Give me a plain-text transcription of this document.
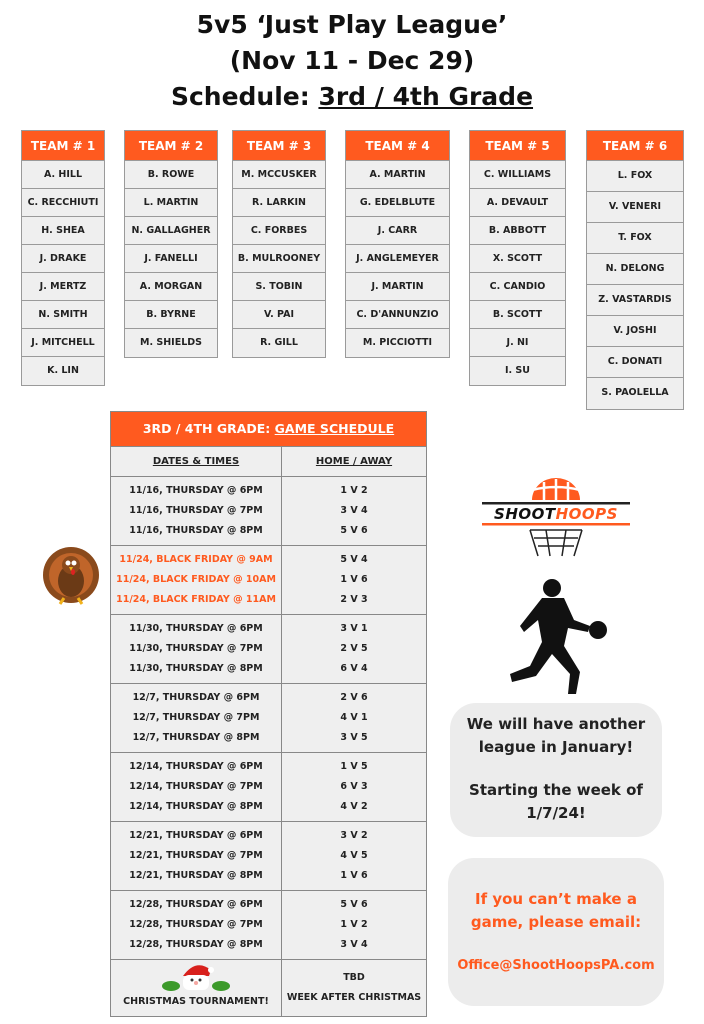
5v5 ‘Just Play League’
(Nov 11 - Dec 29)
Schedule: 3rd / 4th Grade
TEAM # 1
A. HILL
C. RECCHIUTI
H. SHEA
J. DRAKE
J. MERTZ
N. SMITH
J. MITCHELL
K. LIN
TEAM # 2
B. ROWE
L. MARTIN
N. GALLAGHER
J. FANELLI
A. MORGAN
B. BYRNE
M. SHIELDS
TEAM # 3
M. MCCUSKER
R. LARKIN
C. FORBES
B. MULROONEY
S. TOBIN
V. PAI
R. GILL
TEAM # 4
A. MARTIN
G. EDELBLUTE
J. CARR
J. ANGLEMEYER
J. MARTIN
C. D'ANNUNZIO
M. PICCIOTTI
TEAM # 5
C. WILLIAMS
A. DEVAULT
B. ABBOTT
X. SCOTT
C. CANDIO
B. SCOTT
J. NI
I. SU
TEAM # 6
L. FOX
V. VENERI
T. FOX
N. DELONG
Z. VASTARDIS
V. JOSHI
C. DONATI
S. PAOLELLA
3RD / 4TH GRADE: GAME SCHEDULE
DATES & TIMES	HOME / AWAY
11/16, THURSDAY @ 6PM
11/16, THURSDAY @ 7PM
11/16, THURSDAY @ 8PM
1 V 2
3 V 4
5 V 6
11/24, BLACK FRIDAY @ 9AM
11/24, BLACK FRIDAY @ 10AM
11/24, BLACK FRIDAY @ 11AM
5 V 4
1 V 6
2 V 3
11/30, THURSDAY @ 6PM
11/30, THURSDAY @ 7PM
11/30, THURSDAY @ 8PM
3 V 1
2 V 5
6 V 4
12/7, THURSDAY @ 6PM
12/7, THURSDAY @ 7PM
12/7, THURSDAY @ 8PM
2 V 6
4 V 1
3 V 5
12/14, THURSDAY @ 6PM
12/14, THURSDAY @ 7PM
12/14, THURSDAY @ 8PM
1 V 5
6 V 3
4 V 2
12/21, THURSDAY @ 6PM
12/21, THURSDAY @ 7PM
12/21, THURSDAY @ 8PM
3 V 2
4 V 5
1 V 6
12/28, THURSDAY @ 6PM
12/28, THURSDAY @ 7PM
12/28, THURSDAY @ 8PM
5 V 6
1 V 2
3 V 4
CHRISTMAS TOURNAMENT!
TBD
WEEK AFTER CHRISTMAS
SHOOTHOOPS
We will have another league in January!
Starting the week of 1/7/24!
If you can’t make a game, please email:
Office@ShootHoopsPA.com
